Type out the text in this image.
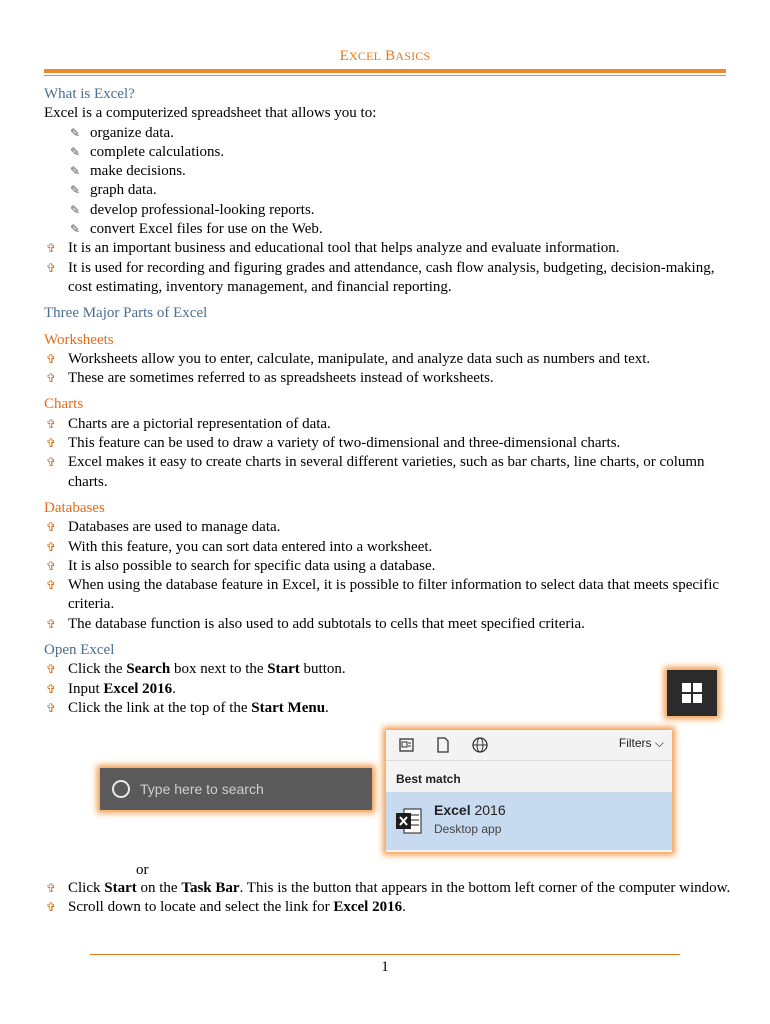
EXCEL BASICS

What is Excel?

Excel is a computerized spreadsheet that allows you to:

✎ organize data.
✎ complete calculations.
✎ make decisions.
✎ graph data.
✎ develop professional-looking reports.
✎ convert Excel files for use on the Web.
✞ It is an important business and educational tool that helps analyze and evaluate information.
✞ It is used for recording and figuring grades and attendance, cash flow analysis, budgeting, decision-making, cost estimating, inventory management, and financial reporting.

Three Major Parts of Excel

Worksheets

✞ Worksheets allow you to enter, calculate, manipulate, and analyze data such as numbers and text.
✞ These are sometimes referred to as spreadsheets instead of worksheets.

Charts

✞ Charts are a pictorial representation of data.
✞ This feature can be used to draw a variety of two-dimensional and three-dimensional charts.
✞ Excel makes it easy to create charts in several different varieties, such as bar charts, line charts, or column charts.

Databases

✞ Databases are used to manage data.
✞ With this feature, you can sort data entered into a worksheet.
✞ It is also possible to search for specific data using a database.
✞ When using the database feature in Excel, it is possible to filter information to select data that meets specific criteria.
✞ The database function is also used to add subtotals to cells that meet specified criteria.

Open Excel

✞ Click the Search box next to the Start button.
✞ Input Excel 2016.
✞ Click the link at the top of the Start Menu.
Type here to search

Filters ⌵
Best match
Excel 2016
Desktop app
or
✞ Click Start on the Task Bar. This is the button that appears in the bottom left corner of the computer window.
✞ Scroll down to locate and select the link for Excel 2016.
1
